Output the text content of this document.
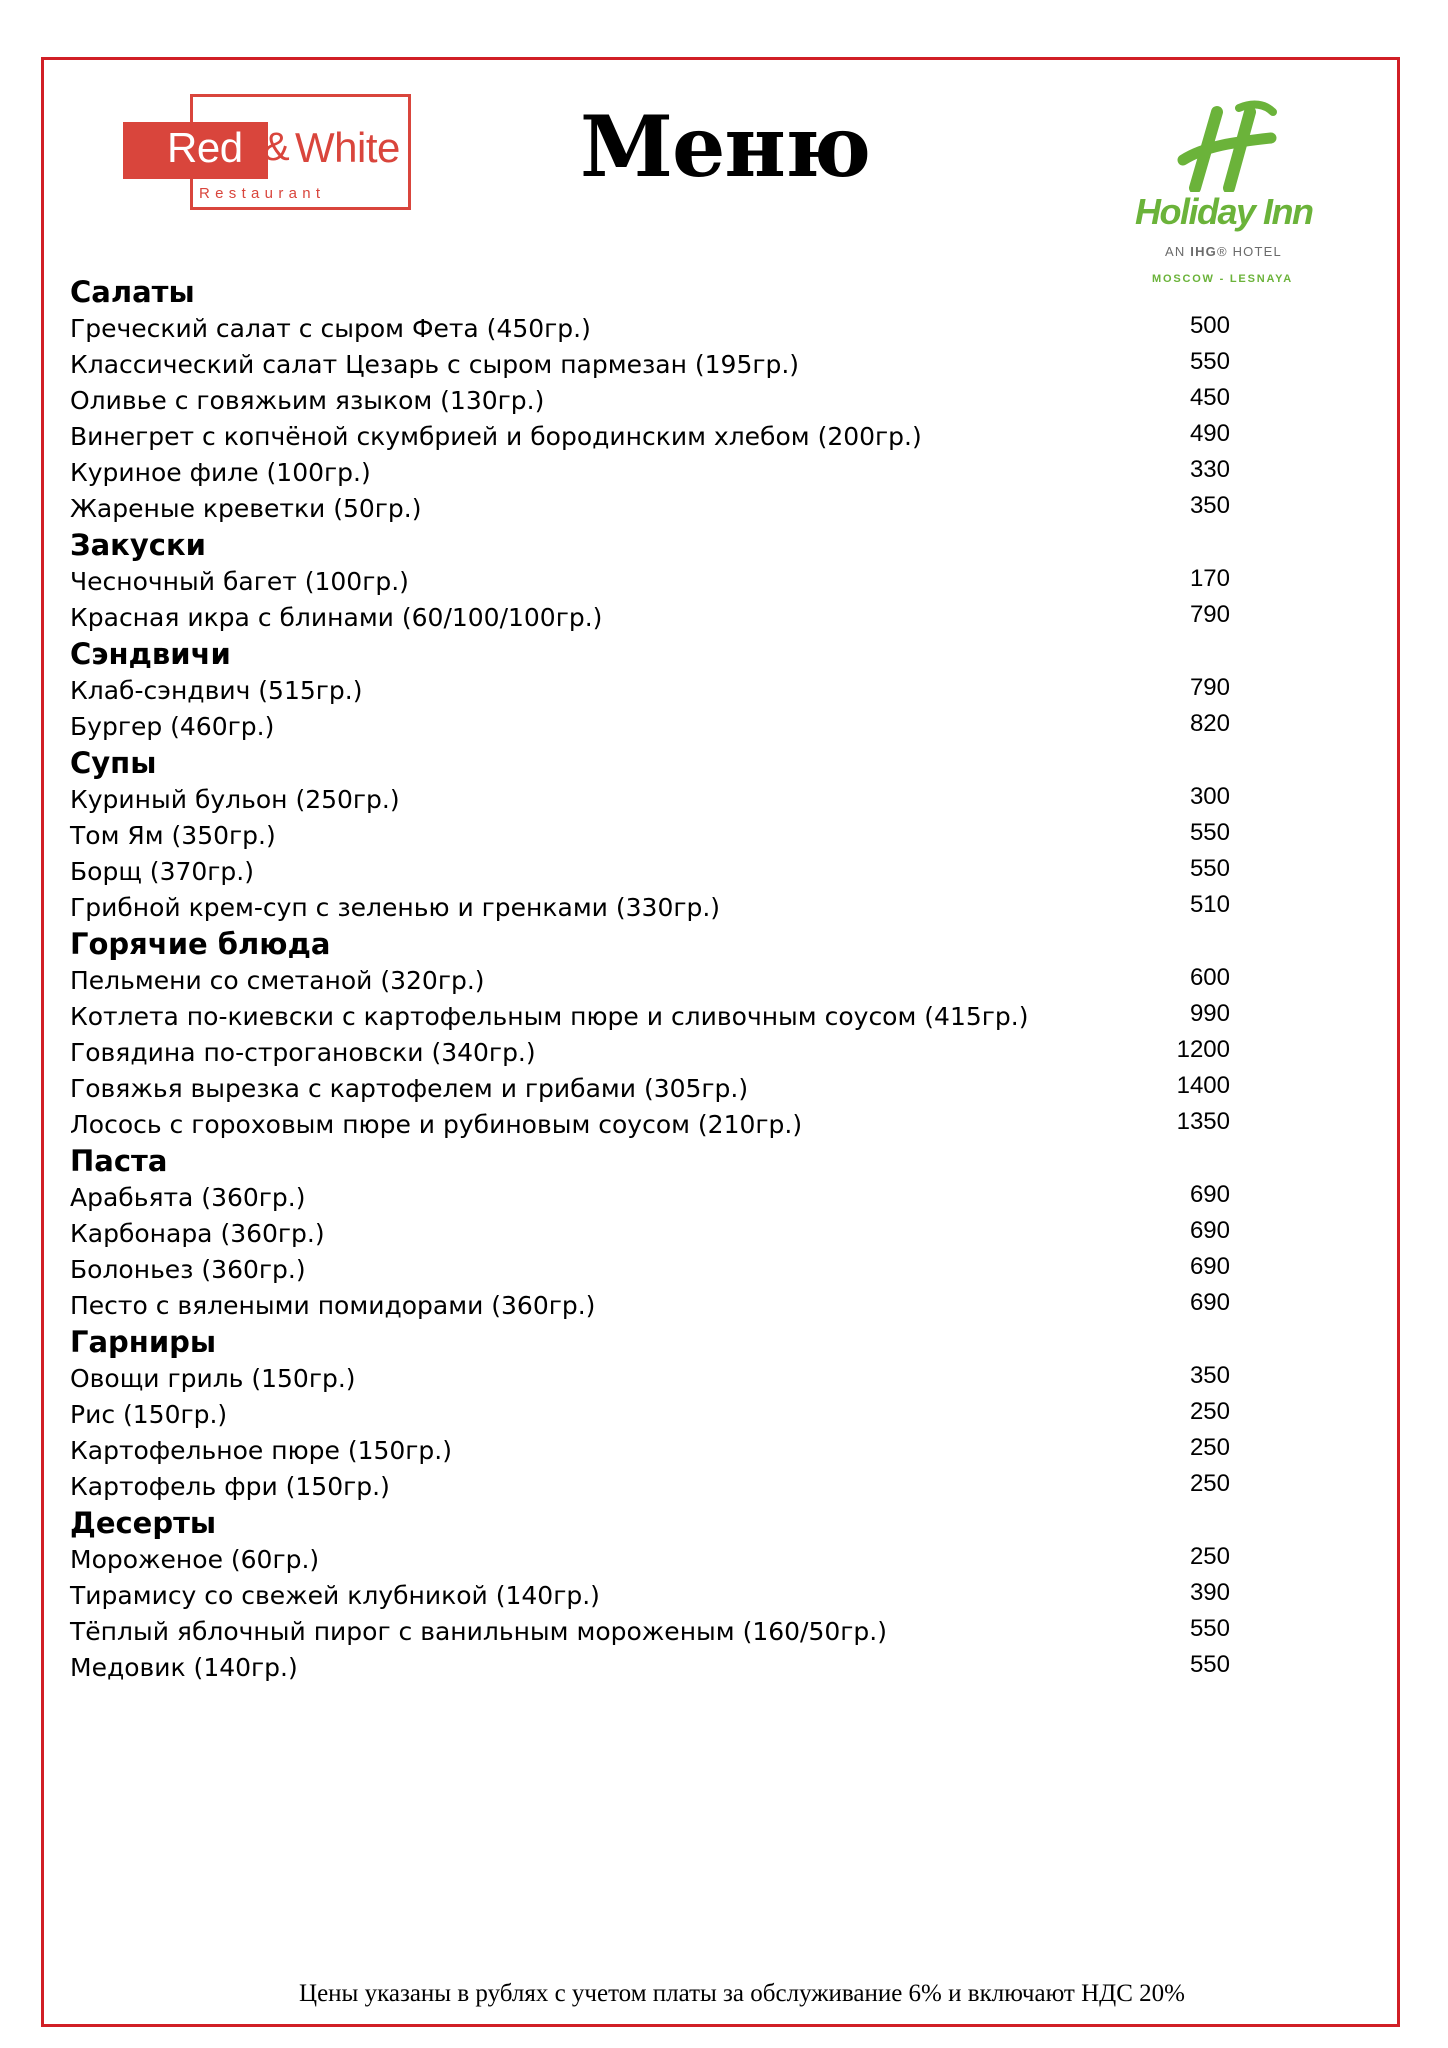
Red & White
Restaurant	Меню
Holiday Inn
AN IHG® HOTEL
MOSCOW - LESNAYA
Салаты
Греческий салат с сыром Фета (450гр.)	500
Классический салат Цезарь с сыром пармезан (195гр.)	550
Оливье с говяжьим языком (130гр.)	450
Винегрет с копчёной скумбрией и бородинским хлебом (200гр.)	490
Куриное филе (100гр.)	330
Жареные креветки (50гр.)	350
Закуски
Чесночный багет (100гр.)	170
Красная икра с блинами (60/100/100гр.)	790
Сэндвичи
Клаб-сэндвич (515гр.)	790
Бургер (460гр.)	820
Супы
Куриный бульон (250гр.)	300
Том Ям (350гр.)	550
Борщ (370гр.)	550
Грибной крем-суп с зеленью и гренками (330гр.)	510
Горячие блюда
Пельмени со сметаной (320гр.)	600
Котлета по-киевски с картофельным пюре и сливочным соусом (415гр.)	990
Говядина по-строгановски (340гр.)	1200
Говяжья вырезка с картофелем и грибами (305гр.)	1400
Лосось с гороховым пюре и рубиновым соусом (210гр.)	1350
Паста
Арабьята (360гр.)	690
Карбонара (360гр.)	690
Болоньез (360гр.)	690
Песто с вялеными помидорами (360гр.)	690
Гарниры
Овощи гриль (150гр.)	350
Рис (150гр.)	250
Картофельное пюре (150гр.)	250
Картофель фри (150гр.)	250
Десерты
Мороженое (60гр.)	250
Тирамису со свежей клубникой (140гр.)	390
Тёплый яблочный пирог с ванильным мороженым (160/50гр.)	550
Медовик (140гр.)	550
Цены указаны в рублях с учетом платы за обслуживание 6% и включают НДС 20%
